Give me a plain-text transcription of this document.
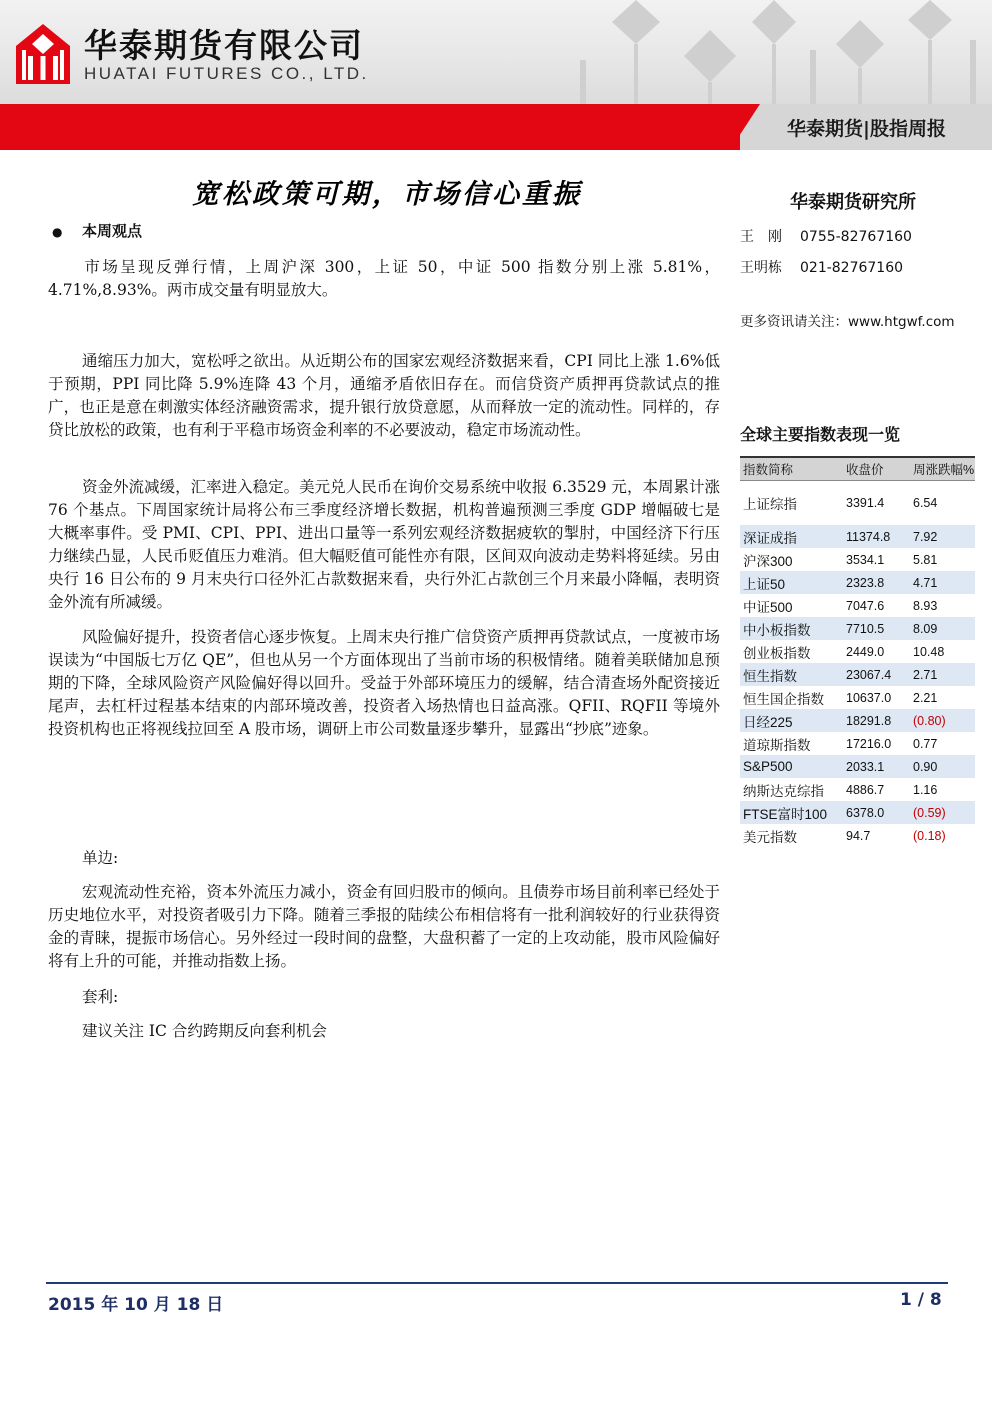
华泰期货有限公司
HUATAI FUTURES CO., LTD.
华泰期货|股指周报
宽松政策可期，市场信心重振
● 本周观点
市场呈现反弹行情，上周沪深 300，上证 50，中证 500 指数分别上涨 5.81%，4.71%,8.93%。两市成交量有明显放大。
通缩压力加大，宽松呼之欲出。从近期公布的国家宏观经济数据来看，CPI 同比上涨 1.6%低于预期，PPI 同比降 5.9%连降 43 个月，通缩矛盾依旧存在。而信贷资产质押再贷款试点的推广，也正是意在刺激实体经济融资需求，提升银行放贷意愿，从而释放一定的流动性。同样的，存贷比放松的政策，也有利于平稳市场资金利率的不必要波动，稳定市场流动性。
资金外流减缓，汇率进入稳定。美元兑人民币在询价交易系统中收报 6.3529 元，本周累计涨 76 个基点。下周国家统计局将公布三季度经济增长数据，机构普遍预测三季度 GDP 增幅破七是大概率事件。受 PMI、CPI、PPI、进出口量等一系列宏观经济数据疲软的掣肘，中国经济下行压力继续凸显，人民币贬值压力难消。但大幅贬值可能性亦有限，区间双向波动走势料将延续。另由央行 16 日公布的 9 月末央行口径外汇占款数据来看，央行外汇占款创三个月来最小降幅，表明资金外流有所减缓。
风险偏好提升，投资者信心逐步恢复。上周末央行推广信贷资产质押再贷款试点，一度被市场误读为“中国版七万亿 QE”，但也从另一个方面体现出了当前市场的积极情绪。随着美联储加息预期的下降，全球风险资产风险偏好得以回升。受益于外部环境压力的缓解，结合清查场外配资接近尾声，去杠杆过程基本结束的内部环境改善，投资者入场热情也日益高涨。QFII、RQFII 等境外投资机构也正将视线拉回至 A 股市场，调研上市公司数量逐步攀升，显露出“抄底”迹象。
单边:
宏观流动性充裕，资本外流压力减小，资金有回归股市的倾向。且债券市场目前利率已经处于历史地位水平，对投资者吸引力下降。随着三季报的陆续公布相信将有一批利润较好的行业获得资金的青睐，提振市场信心。另外经过一段时间的盘整，大盘积蓄了一定的上攻动能，股市风险偏好将有上升的可能，并推动指数上扬。
套利:
建议关注 IC 合约跨期反向套利机会
华泰期货研究所
王　刚 0755-82767160
王明栋 021-82767160
更多资讯请关注：www.htgwf.com
全球主要指数表现一览
指数简称	收盘价	周涨跌幅%
上证综指	3391.4	6.54
深证成指	11374.8	7.92
沪深300	3534.1	5.81
上证50	2323.8	4.71
中证500	7047.6	8.93
中小板指数	7710.5	8.09
创业板指数	2449.0	10.48
恒生指数	23067.4	2.71
恒生国企指数	10637.0	2.21
日经225	18291.8	(0.80)
道琼斯指数	17216.0	0.77
S&P500	2033.1	0.90
纳斯达克综指	4886.7	1.16
FTSE富时100	6378.0	(0.59)
美元指数	94.7	(0.18)
2015 年 10 月 18 日	1 / 8
